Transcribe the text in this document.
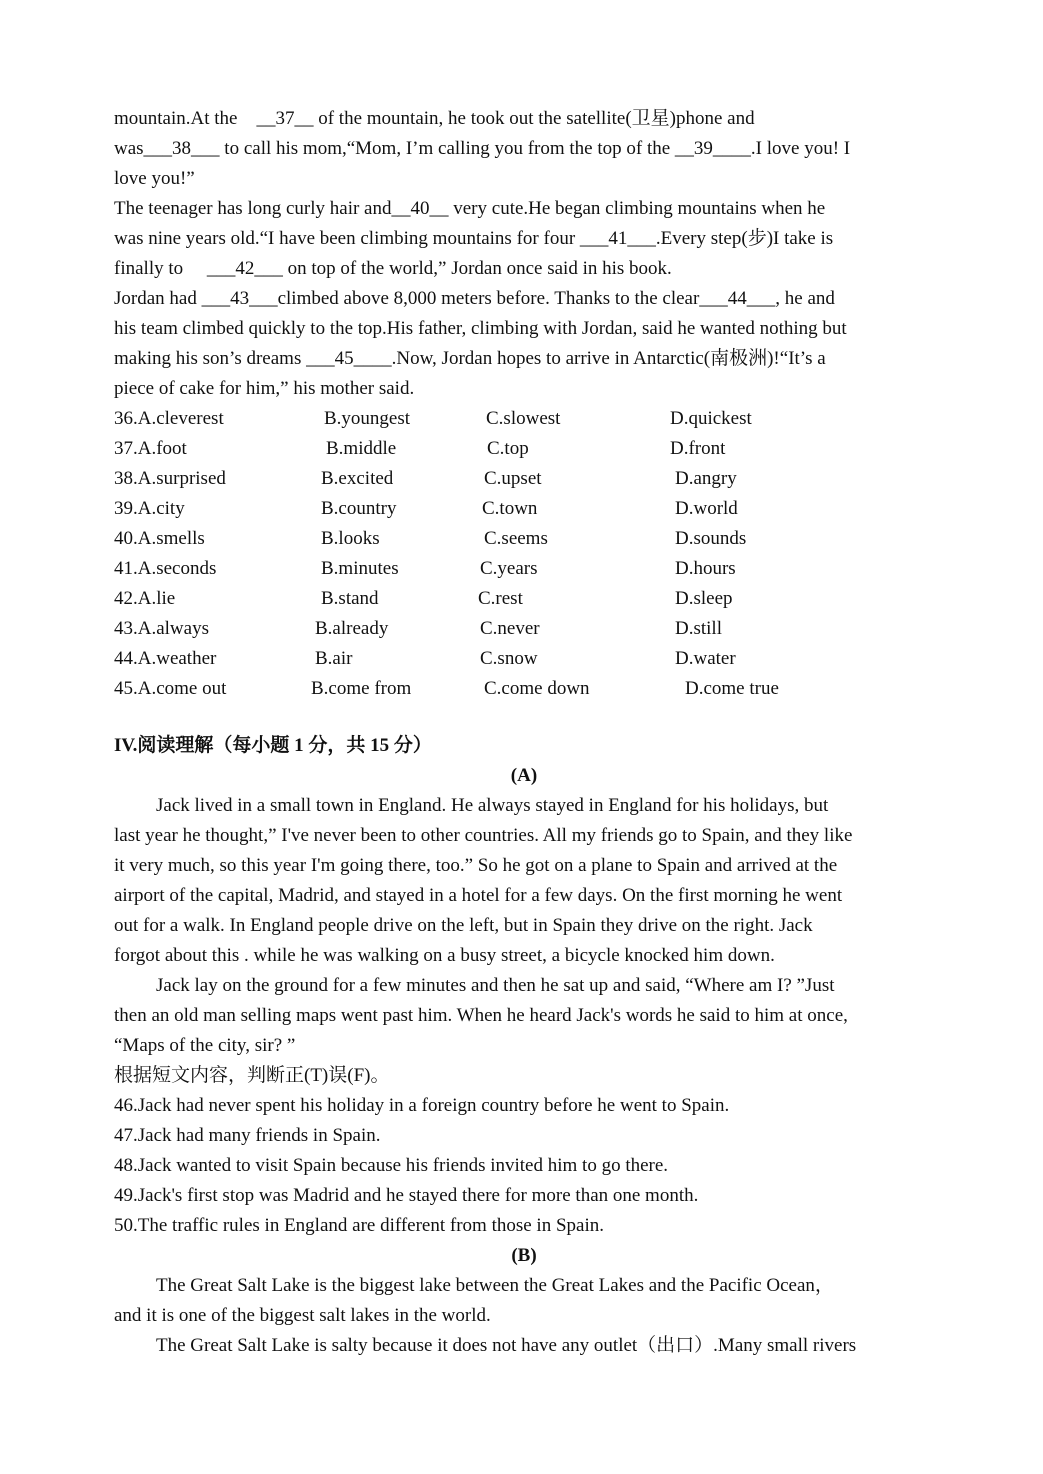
mountain.At the    __37__ of the mountain, he took out the satellite(卫星)phone and
was___38___ to call his mom,“Mom, I’m calling you from the top of the __39____.I love you! I
love you!”
The teenager has long curly hair and__40__ very cute.He began climbing mountains when he
was nine years old.“I have been climbing mountains for four ___41___.Every step(步)I take is
finally to     ___42___ on top of the world,” Jordan once said in his book.
Jordan had ___43___climbed above 8,000 meters before. Thanks to the clear___44___, he and
his team climbed quickly to the top.His father, climbing with Jordan, said he wanted nothing but
making his son’s dreams ___45____.Now, Jordan hopes to arrive in Antarctic(南极洲)!“It’s a
piece of cake for him,” his mother said.
36.A.cleverest	B.youngest	C.slowest	D.quickest
37.A.foot	B.middle	C.top	D.front
38.A.surprised	B.excited	C.upset	D.angry
39.A.city	B.country	C.town	D.world
40.A.smells	B.looks	C.seems	D.sounds
41.A.seconds	B.minutes	C.years	D.hours
42.A.lie	B.stand	C.rest	D.sleep
43.A.always	B.already	C.never	D.still
44.A.weather	B.air	C.snow	D.water
45.A.come out	B.come from	C.come down	D.come true
IV.阅读理解（每小题 1 分，共 15 分）
(A)
Jack lived in a small town in England. He always stayed in England for his holidays, but
last year he thought,” I've never been to other countries. All my friends go to Spain, and they like
it very much, so this year I'm going there, too.” So he got on a plane to Spain and arrived at the
airport of the capital, Madrid, and stayed in a hotel for a few days. On the first morning he went
out for a walk. In England people drive on the left, but in Spain they drive on the right. Jack
forgot about this . while he was walking on a busy street, a bicycle knocked him down.
Jack lay on the ground for a few minutes and then he sat up and said, “Where am I? ”Just
then an old man selling maps went past him. When he heard Jack's words he said to him at once,
“Maps of the city, sir? ”
根据短文内容，判断正(T)误(F)。
46.Jack had never spent his holiday in a foreign country before he went to Spain.
47.Jack had many friends in Spain.
48.Jack wanted to visit Spain because his friends invited him to go there.
49.Jack's first stop was Madrid and he stayed there for more than one month.
50.The traffic rules in England are different from those in Spain.
(B)
The Great Salt Lake is the biggest lake between the Great Lakes and the Pacific Ocean，
and it is one of the biggest salt lakes in the world.
The Great Salt Lake is salty because it does not have any outlet（出口）.Many small rivers
